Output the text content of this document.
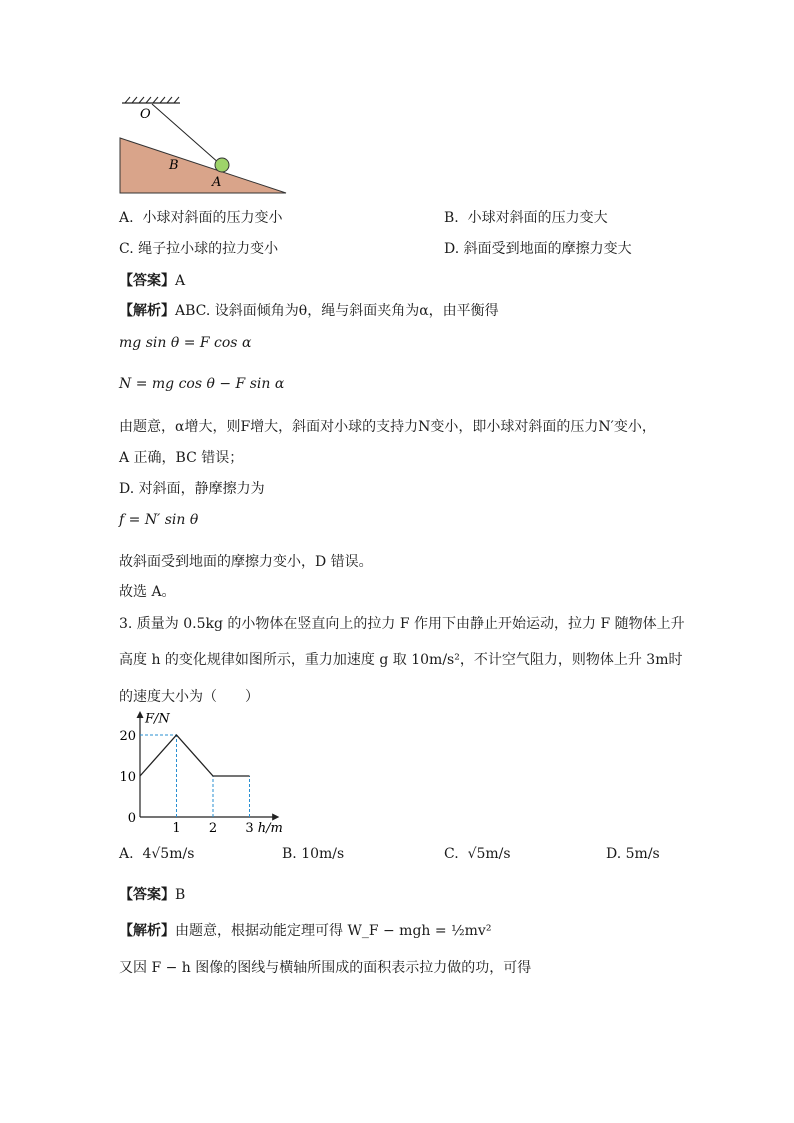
O
B
A
A. 小球对斜面的压力变小	B. 小球对斜面的压力变大
C. 绳子拉小球的拉力变小	D. 斜面受到地面的摩擦力变大
【答案】A
【解析】ABC. 设斜面倾角为θ，绳与斜面夹角为α，由平衡得
mg sin θ = F cos α
N = mg cos θ − F sin α
由题意，α增大，则F增大，斜面对小球的支持力N变小，即小球对斜面的压力N′变小，
A 正确，BC 错误；
D. 对斜面，静摩擦力为
f = N′ sin θ
故斜面受到地面的摩擦力变小，D 错误。
故选 A。
3. 质量为 0.5kg 的小物体在竖直向上的拉力 F 作用下由静止开始运动，拉力 F 随物体上升
高度 h 的变化规律如图所示，重力加速度 g 取 10m/s²，不计空气阻力，则物体上升 3m时
的速度大小为（　　）
F/N
h/m
0
10
20
1 2 3
A. 4√5m/s	B. 10m/s	C. √5m/s	D. 5m/s
【答案】B
【解析】由题意，根据动能定理可得 W_F − mgh = ½mv²
又因 F − h 图像的图线与横轴所围成的面积表示拉力做的功，可得
